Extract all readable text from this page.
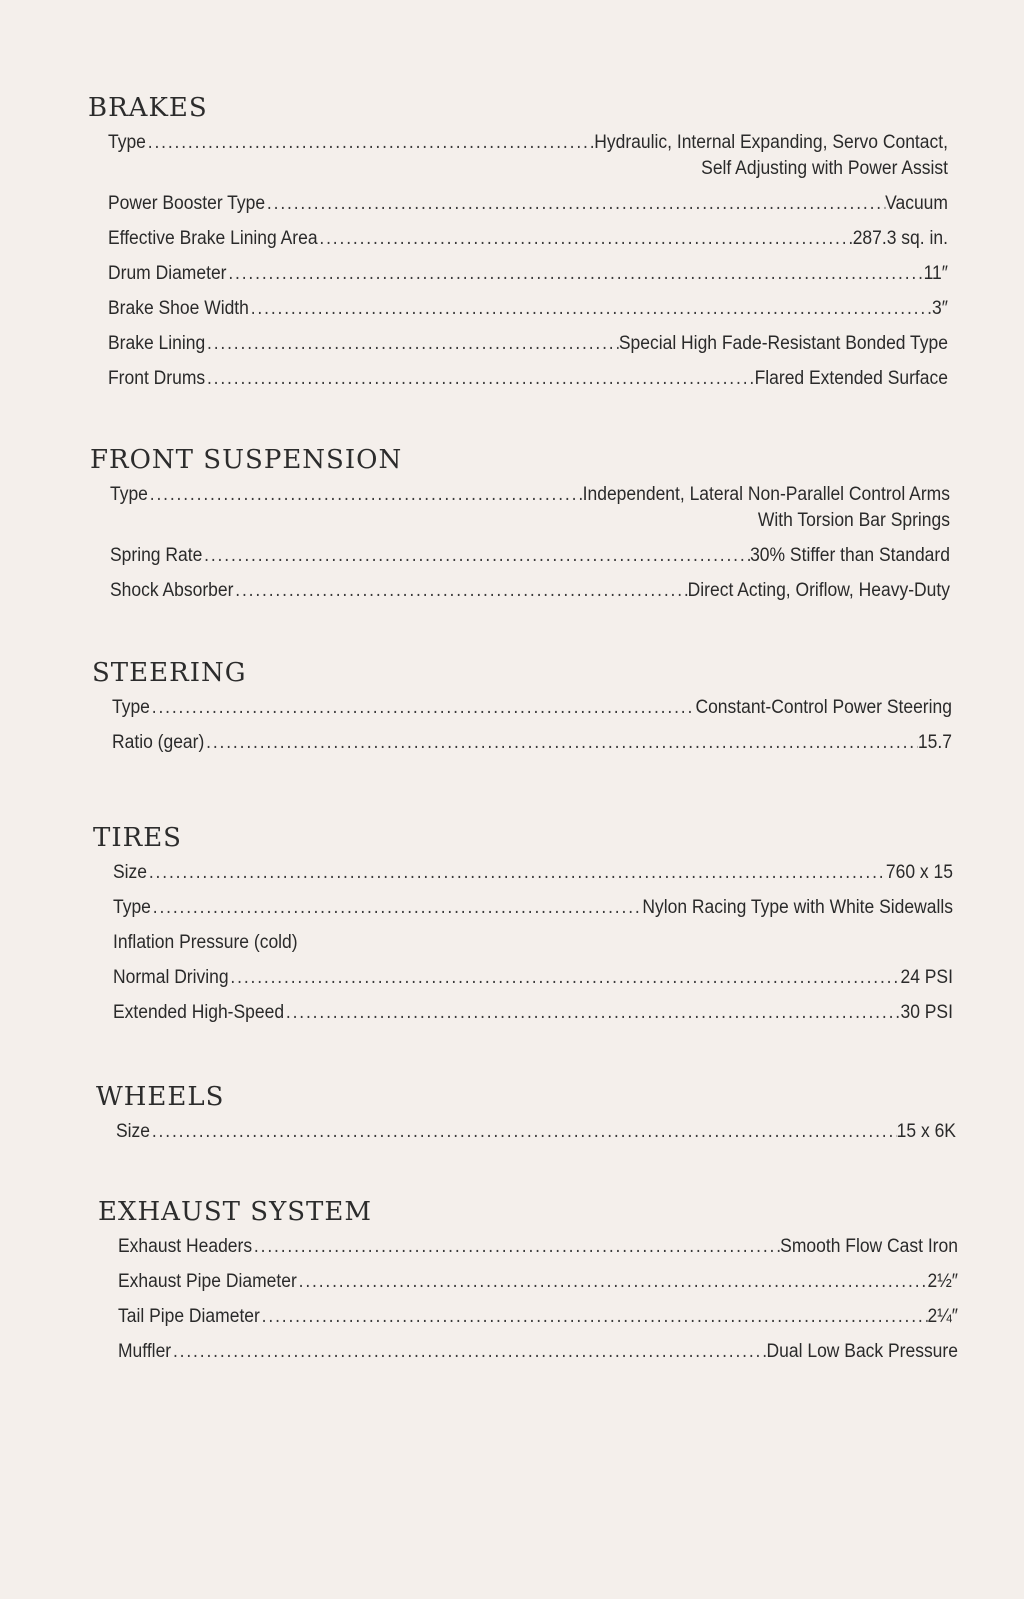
BRAKES
Type .....	Hydraulic, Internal Expanding, Servo Contact,
Self Adjusting with Power Assist
Power Booster Type .....	Vacuum
Effective Brake Lining Area .....	287.3 sq. in.
Drum Diameter .....	11″
Brake Shoe Width .....	3″
Brake Lining .....	Special High Fade-Resistant Bonded Type
Front Drums .....	Flared Extended Surface
FRONT SUSPENSION
Type .....	Independent, Lateral Non-Parallel Control Arms
With Torsion Bar Springs
Spring Rate .....	30% Stiffer than Standard
Shock Absorber .....	Direct Acting, Oriflow, Heavy-Duty
STEERING
Type .....	Constant-Control Power Steering
Ratio (gear) .....	15.7
TIRES
Size .....	760 x 15
Type .....	Nylon Racing Type with White Sidewalls
Inflation Pressure (cold)
Normal Driving .....	24 PSI
Extended High-Speed .....	30 PSI
WHEELS
Size .....	15 x 6K
EXHAUST SYSTEM
Exhaust Headers .....	Smooth Flow Cast Iron
Exhaust Pipe Diameter .....	2½″
Tail Pipe Diameter .....	2¼″
Muffler .....	Dual Low Back Pressure
